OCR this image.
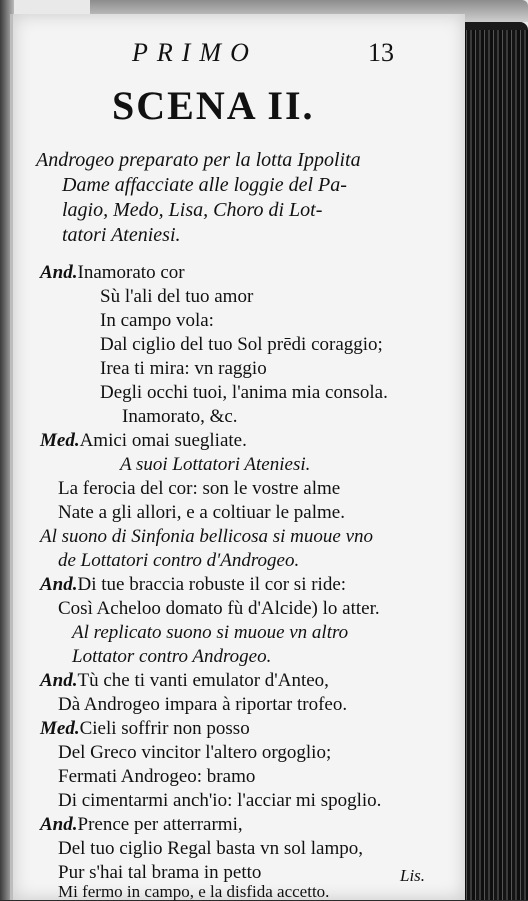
PRIMO	13
SCENA II.
Androgeo preparato per la lotta Ippolita
Dame affacciate alle loggie del Pa-
lagio, Medo, Lisa, Choro di Lot-
tatori Ateniesi.
And.Inamorato cor
Sù l'ali del tuo amor
In campo vola:
Dal ciglio del tuo Sol prēdi coraggio;
Irea ti mira: vn raggio
Degli occhi tuoi, l'anima mia consola.
Inamorato, &c.
Med.Amici omai suegliate.
A suoi Lottatori Ateniesi.
La ferocia del cor: son le vostre alme
Nate a gli allori, e a coltiuar le palme.
Al suono di Sinfonia bellicosa si muoue vno
de Lottatori contro d'Androgeo.
And.Di tue braccia robuste il cor si ride:
Così Acheloo domato fù d'Alcide) lo atter.
Al replicato suono si muoue vn altro
Lottator contro Androgeo.
And.Tù che ti vanti emulator d'Anteo,
Dà Androgeo impara à riportar trofeo.
Med.Cieli soffrir non posso
Del Greco vincitor l'altero orgoglio;
Fermati Androgeo: bramo
Di cimentarmi anch'io: l'acciar mi spoglio.
And.Prence per atterrarmi,
Del tuo ciglio Regal basta vn sol lampo,
Pur s'hai tal brama in petto
Mi fermo in campo, e la disfida accetto.
Lis.
